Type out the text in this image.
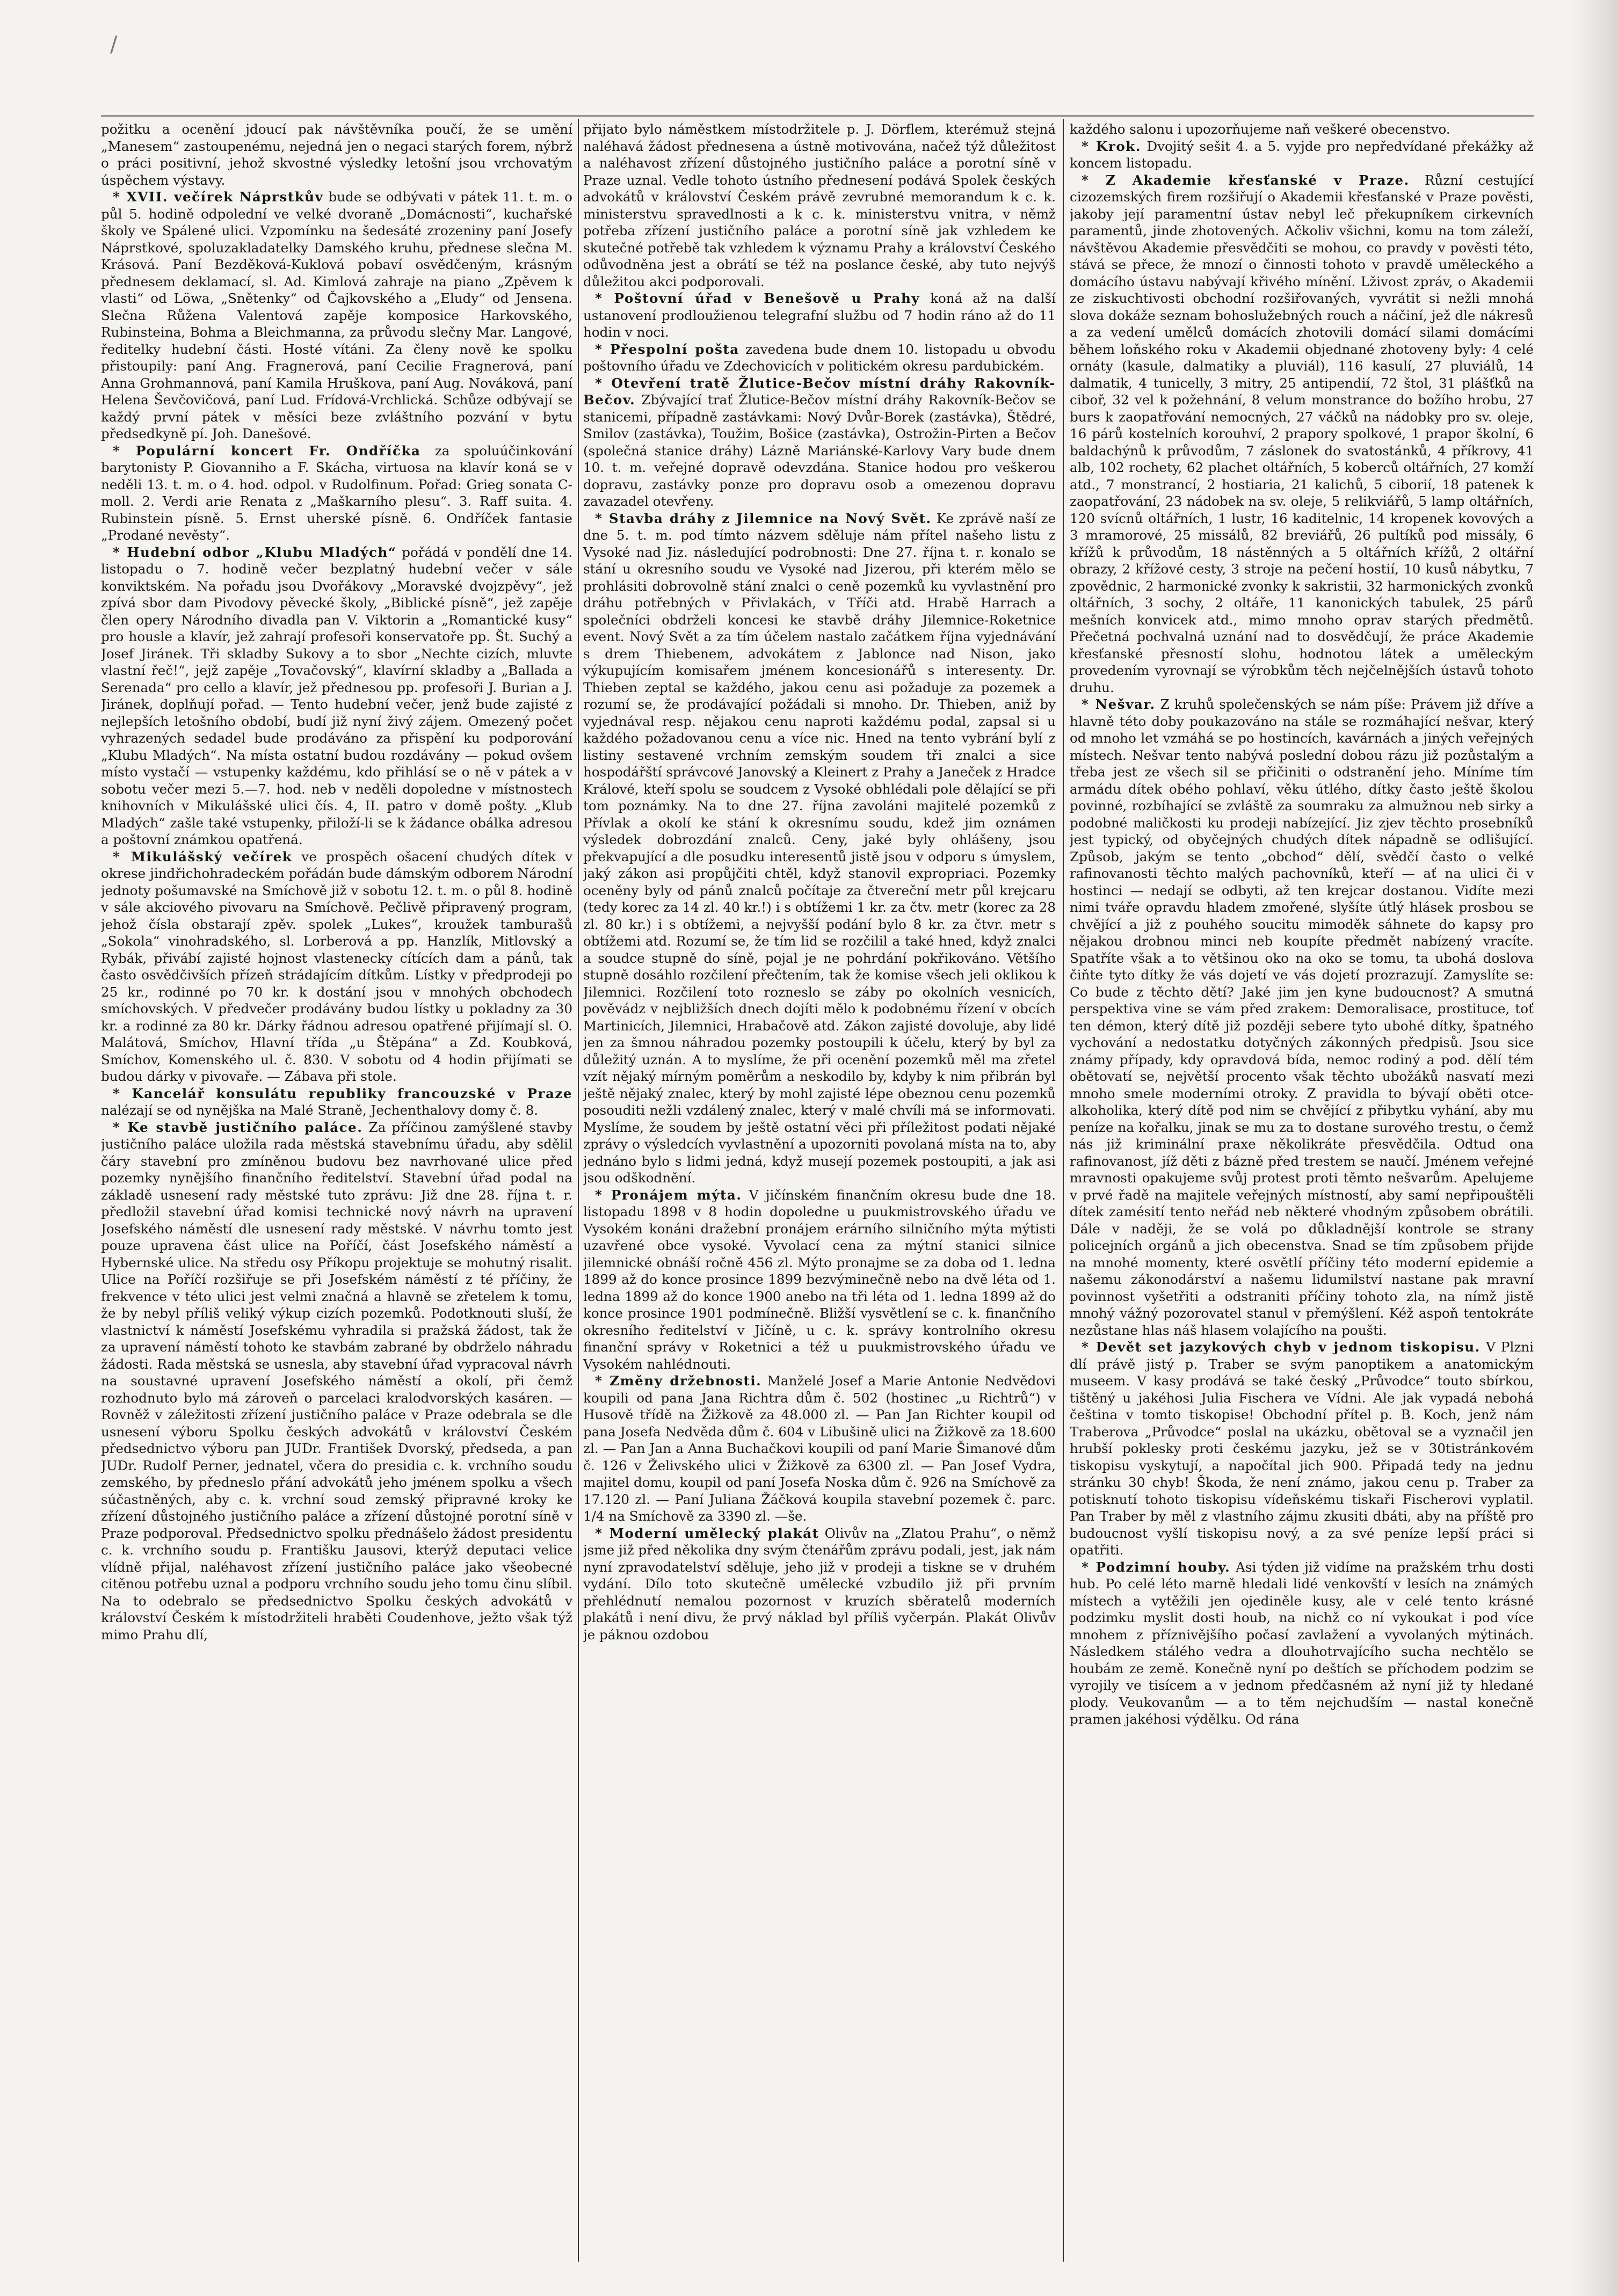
/

požitku a ocenění jdoucí pak návštěvníka poučí, že se umění „Manesem“ zastoupenému, nejedná jen o negaci starých forem, nýbrž o práci positivní, jehož skvostné výsledky letošní jsou vrchovatým úspěchem výstavy.

* XVII. večírek Náprstkův bude se odbývati v pátek 11. t. m. o půl 5. hodině odpolední ve velké dvoraně „Domácnosti“, kuchařské školy ve Spálené ulici. Vzpomínku na šedesáté zrozeniny paní Josefy Náprstkové, spoluzakladatelky Damského kruhu, přednese slečna M. Krásová. Paní Bezděková-Kuklová pobaví osvědčeným, krásným přednesem deklamací, sl. Ad. Kimlová zahraje na piano „Zpěvem k vlasti“ od Löwa, „Snětenky“ od Čajkovského a „Eludy“ od Jensena. Slečna Růžena Valentová zapěje komposice Harkovského, Rubinsteina, Bohma a Bleichmanna, za průvodu slečny Mar. Langové, ředitelky hudební části. Hosté vítáni. Za členy nově ke spolku přistoupily: paní Ang. Fragnerová, paní Cecilie Fragnerová, paní Anna Grohmannová, paní Kamila Hruškova, paní Aug. Nováková, paní Helena Ševčovičová, paní Lud. Frídová-Vrchlická. Schůze odbývají se každý první pátek v měsíci beze zvláštního pozvání v bytu předsedkyně pí. Joh. Danešové.

* Populární koncert Fr. Ondříčka za spoluúčinkování barytonisty P. Giovanniho a F. Skácha, virtuosa na klavír koná se v neděli 13. t. m. o 4. hod. odpol. v Rudolfinum. Pořad: Grieg sonata C-moll. 2. Verdi arie Renata z „Maškarního plesu“. 3. Raff suita. 4. Rubinstein písně. 5. Ernst uherské písně. 6. Ondříček fantasie „Prodané nevěsty“.

* Hudební odbor „Klubu Mladých“ pořádá v pondělí dne 14. listopadu o 7. hodině večer bezplatný hudební večer v sále konviktském. Na pořadu jsou Dvořákovy „Moravské dvojzpěvy“, jež zpívá sbor dam Pivodovy pěvecké školy, „Biblické písně“, jež zapěje člen opery Národního divadla pan V. Viktorin a „Romantické kusy“ pro housle a klavír, jež zahrají profesoři konservatoře pp. Št. Suchý a Josef Jiránek. Tři skladby Sukovy a to sbor „Nechte cizích, mluvte vlastní řeč!“, jejž zapěje „Tovačovský“, klavírní skladby a „Ballada a Serenada“ pro cello a klavír, jež přednesou pp. profesoři J. Burian a J. Jiránek, doplňují pořad. — Tento hudební večer, jenž bude zajisté z nejlepších letošního období, budí již nyní živý zájem. Omezený počet vyhrazených sedadel bude prodáváno za přispění ku podporování „Klubu Mladých“. Na místa ostatní budou rozdávány — pokud ovšem místo vystačí — vstupenky každému, kdo přihlásí se o ně v pátek a v sobotu večer mezi 5.—7. hod. neb v neděli dopoledne v místnostech knihovních v Mikulášské ulici čís. 4, II. patro v domě pošty. „Klub Mladých“ zašle také vstupenky, přiloží-li se k žádance obálka adresou a poštovní známkou opatřená.

* Mikulášský večírek ve prospěch ošacení chudých dítek v okrese jindřichohradeckém pořádán bude dámským odborem Národní jednoty pošumavské na Smíchově již v sobotu 12. t. m. o půl 8. hodině v sále akciového pivovaru na Smíchově. Pečlivě připravený program, jehož čísla obstarají zpěv. spolek „Lukes“, kroužek tamburašů „Sokola“ vinohradského, sl. Lorberová a pp. Hanzlík, Mitlovský a Rybák, přivábí zajisté hojnost vlastenecky cítících dam a pánů, tak často osvědčivších přízeň strádajícím dítkům. Lístky v předprodeji po 25 kr., rodinné po 70 kr. k dostání jsou v mnohých obchodech smíchovských. V předvečer prodávány budou lístky u pokladny za 30 kr. a rodinné za 80 kr. Dárky řádnou adresou opatřené přijímají sl. O. Malátová, Smíchov, Hlavní třída „u Štěpána“ a Zd. Koubková, Smíchov, Komenského ul. č. 830. V sobotu od 4 hodin přijímati se budou dárky v pivovaře. — Zábava při stole.

* Kancelář konsulátu republiky francouzské v Praze nalézají se od nynějška na Malé Straně, Jechenthalovy domy č. 8.

* Ke stavbě justičního paláce. Za příčinou zamýšlené stavby justičního paláce uložila rada městská stavebnímu úřadu, aby sdělil čáry stavební pro zmíněnou budovu bez navrhované ulice před pozemky nynějšího finančního ředitelství. Stavební úřad podal na základě usnesení rady městské tuto zprávu: Již dne 28. října t. r. předložil stavební úřad komisi technické nový návrh na upravení Josefského náměstí dle usnesení rady městské. V návrhu tomto jest pouze upravena část ulice na Poříčí, část Josefského náměstí a Hybernské ulice. Na středu osy Příkopu projektuje se mohutný risalit. Ulice na Poříčí rozšiřuje se při Josefském náměstí z té příčiny, že frekvence v této ulici jest velmi značná a hlavně se zřetelem k tomu, že by nebyl příliš veliký výkup cizích pozemků. Podotknouti sluší, že vlastnictví k náměstí Josefskému vyhradila si pražská žádost, tak že za upravení náměstí tohoto ke stavbám zabrané by obdrželo náhradu žádosti. Rada městská se usnesla, aby stavební úřad vypracoval návrh na soustavné upravení Josefského náměstí a okolí, při čemž rozhodnuto bylo má zároveň o parcelaci kralodvorských kasáren. — Rovněž v záležitosti zřízení justičního paláce v Praze odebrala se dle usnesení výboru Spolku českých advokátů v království Českém předsednictvo výboru pan JUDr. František Dvorský, předseda, a pan JUDr. Rudolf Perner, jednatel, včera do presidia c. k. vrchního soudu zemského, by předneslo přání advokátů jeho jménem spolku a všech súčastněných, aby c. k. vrchní soud zemský připravné kroky ke zřízení důstojného justičního paláce a zřízení důstojné porotní síně v Praze podporoval. Předsednictvo spolku přednášelo žádost presidentu c. k. vrchního soudu p. Františku Jausovi, kterýž deputaci velice vlídně přijal, naléhavost zřízení justičního paláce jako všeobecné citěnou potřebu uznal a podporu vrchního soudu jeho tomu činu slíbil. Na to odebralo se předsednictvo Spolku českých advokátů v království Českém k místodržiteli hraběti Coudenhove, ježto však týž mimo Prahu dlí,

přijato bylo náměstkem místodržitele p. J. Dörflem, kterémuž stejná naléhavá žádost přednesena a ústně motivována, načež týž důležitost a naléhavost zřízení důstojného justičního paláce a porotní síně v Praze uznal. Vedle tohoto ústního přednesení podává Spolek českých advokátů v království Českém právě zevrubné memorandum k c. k. ministerstvu spravedlnosti a k c. k. ministerstvu vnitra, v němž potřeba zřízení justičního paláce a porotní síně jak vzhledem ke skutečné potřebě tak vzhledem k významu Prahy a království Českého odůvodněna jest a obrátí se též na poslance české, aby tuto nejvýš důležitou akci podporovali.

* Poštovní úřad v Benešově u Prahy koná až na další ustanovení prodloužienou telegrafní službu od 7 hodin ráno až do 11 hodin v noci.

* Přespolní pošta zavedena bude dnem 10. listopadu u obvodu poštovního úřadu ve Zdechovicích v politickém okresu pardubickém.

* Otevření tratě Žlutice-Bečov místní dráhy Rakovník-Bečov. Zbývající trať Žlutice-Bečov místní dráhy Rakovník-Bečov se stanicemi, případně zastávkami: Nový Dvůr-Borek (zastávka), Štědré, Smilov (zastávka), Toužim, Bošice (zastávka), Ostrožin-Pirten a Bečov (společná stanice dráhy) Lázně Mariánské-Karlovy Vary bude dnem 10. t. m. veřejné dopravě odevzdána. Stanice hodou pro veškerou dopravu, zastávky ponze pro dopravu osob a omezenou dopravu zavazadel otevřeny.

* Stavba dráhy z Jilemnice na Nový Svět. Ke zprávě naší ze dne 5. t. m. pod tímto názvem sděluje nám přítel našeho listu z Vysoké nad Jiz. následující podrobnosti: Dne 27. října t. r. konalo se stání u okresního soudu ve Vysoké nad Jizerou, při kterém mělo se prohlásiti dobrovolně stání znalci o ceně pozemků ku vyvlastnění pro dráhu potřebných v Přivlakách, v Tříči atd. Hrabě Harrach a společníci obdrželi koncesi ke stavbě dráhy Jilemnice-Roketnice event. Nový Svět a za tím účelem nastalo začátkem října vyjednávání s drem Thiebenem, advokátem z Jablonce nad Nison, jako výkupujícím komisařem jménem koncesionářů s interesenty. Dr. Thieben zeptal se každého, jakou cenu asi požaduje za pozemek a rozumí se, že prodávající požádali si mnoho. Dr. Thieben, aniž by vyjednával resp. nějakou cenu naproti každému podal, zapsal si u každého požadovanou cenu a více nic. Hned na tento vybrání bylí z listiny sestavené vrchním zemským soudem tři znalci a sice hospodářští správcové Janovský a Kleinert z Prahy a Janeček z Hradce Králové, kteří spolu se soudcem z Vysoké obhlédali pole dělající se při tom poznámky. Na to dne 27. října zavoláni majitelé pozemků z Přívlak a okolí ke stání k okresnímu soudu, kdež jim oznámen výsledek dobrozdání znalců. Ceny, jaké byly ohlášeny, jsou překvapující a dle posudku interesentů jistě jsou v odporu s úmyslem, jaký zákon asi propůjčiti chtěl, když stanovil expropriaci. Pozemky oceněny byly od pánů znalců počítaje za čtvereční metr půl krejcaru (tedy korec za 14 zl. 40 kr.!) i s obtížemi 1 kr. za čtv. metr (korec za 28 zl. 80 kr.) i s obtížemi, a nejvyšší podání bylo 8 kr. za čtvr. metr s obtížemi atd. Rozumí se, že tím lid se rozčilil a také hned, když znalci a soudce stupně do síně, pojal je ne pohrdání pokřikováno. Většího stupně dosáhlo rozčilení přečtením, tak že komise všech jeli oklikou k Jilemnici. Rozčilení toto rozneslo se záby po okolních vesnicích, pověvádz v nejbližších dnech dojíti mělo k podobnému řízení v obcích Martinicích, Jilemnici, Hrabačově atd. Zákon zajisté dovoluje, aby lidé jen za šmnou náhradou pozemky postoupili k účelu, který by byl za důležitý uznán. A to myslíme, že při ocenění pozemků měl ma zřetel vzít nějaký mírným poměrům a neskodilo by, kdyby k nim přibrán byl ještě nějaký znalec, který by mohl zajisté lépe obeznou cenu pozemků posouditi nežli vzdálený znalec, který v malé chvíli má se informovati. Myslíme, že soudem by ještě ostatní věci při příležitost podati nějaké zprávy o výsledcích vyvlastnění a upozorniti povolaná místa na to, aby jednáno bylo s lidmi jedná, když musejí pozemek postoupiti, a jak asi jsou odškodnění.

* Pronájem mýta. V jičínském finančním okresu bude dne 18. listopadu 1898 v 8 hodin dopoledne u puukmistrovského úřadu ve Vysokém konáni dražební pronájem erárního silničního mýta mýtisti uzavřené obce vysoké. Vyvolací cena za mýtní stanici silnice jilemnické obnáší ročně 456 zl. Mýto pronajme se za doba od 1. ledna 1899 až do konce prosince 1899 bezvýminečně nebo na dvě léta od 1. ledna 1899 až do konce 1900 anebo na tři léta od 1. ledna 1899 až do konce prosince 1901 podmínečně. Bližší vysvětlení se c. k. finančního okresního ředitelství v Jičíně, u c. k. správy kontrolního okresu finanční správy v Roketnici a též u puukmistrovského úřadu ve Vysokém nahlédnouti.

* Změny držebnosti. Manželé Josef a Marie Antonie Nedvědovi koupili od pana Jana Richtra dům č. 502 (hostinec „u Richtrů“) v Husově třídě na Žižkově za 48.000 zl. — Pan Jan Richter koupil od pana Josefa Nedvěda dům č. 604 v Libušině ulici na Žižkově za 18.600 zl. — Pan Jan a Anna Buchačkovi koupili od paní Marie Šimanové dům č. 126 v Želivského ulici v Žižkově za 6300 zl. — Pan Josef Vydra, majitel domu, koupil od paní Josefa Noska dům č. 926 na Smíchově za 17.120 zl. — Paní Juliana Žáčková koupila stavební pozemek č. parc. 1/4 na Smíchově za 3390 zl. —še.

* Moderní umělecký plakát Olivův na „Zlatou Prahu“, o němž jsme již před několika dny svým čtenářům zprávu podali, jest, jak nám nyní zpravodatelství sděluje, jeho již v prodeji a tiskne se v druhém vydání. Dílo toto skutečně umělecké vzbudilo již při prvním přehlédnutí nemalou pozornost v kruzích sběratelů moderních plakátů i není divu, že prvý náklad byl příliš vyčerpán. Plakát Olivův je páknou ozdobou

každého salonu i upozorňujeme naň veškeré obecenstvo.

* Krok. Dvojitý sešit 4. a 5. vyjde pro nepředvídané překážky až koncem listopadu.

* Z Akademie křesťanské v Praze. Různí cestující cizozemských firem rozšiřují o Akademii křesťanské v Praze pověsti, jakoby její paramentní ústav nebyl leč překupníkem cirkevních paramentů, jinde zhotovených. Ačkoliv všichni, komu na tom záleží, návštěvou Akademie přesvědčiti se mohou, co pravdy v pověsti této, stává se přece, že mnozí o činnosti tohoto v pravdě uměleckého a domácího ústavu nabývají křivého mínění. Lživost zpráv, o Akademii ze ziskuchtivosti obchodní rozšiřovaných, vyvrátit si nežli mnohá slova dokáže seznam bohoslužebných rouch a náčiní, jež dle nákresů a za vedení umělců domácích zhotovili domácí silami domácími během loňského roku v Akademii objednané zhotoveny byly: 4 celé ornáty (kasule, dalmatiky a pluviál), 116 kasulí, 27 pluviálů, 14 dalmatik, 4 tunicelly, 3 mitry, 25 antipendií, 72 štol, 31 plášťků na ciboř, 32 vel k požehnání, 8 velum monstrance do božího hrobu, 27 burs k zaopatřování nemocných, 27 váčků na nádobky pro sv. oleje, 16 párů kostelních korouhví, 2 prapory spolkové, 1 prapor školní, 6 baldachýnů k průvodům, 7 záslonek do svatostánků, 4 příkrovy, 41 alb, 102 rochety, 62 plachet oltářních, 5 koberců oltářních, 27 komží atd., 7 monstrancí, 2 hostiaria, 21 kalichů, 5 ciborií, 18 patenek k zaopatřování, 23 nádobek na sv. oleje, 5 relikviářů, 5 lamp oltářních, 120 svícnů oltářních, 1 lustr, 16 kaditelnic, 14 kropenek kovových a 3 mramorové, 25 missálů, 82 breviářů, 26 pultíků pod missály, 6 křížů k průvodům, 18 nástěnných a 5 oltářních křížů, 2 oltářní obrazy, 2 křížové cesty, 3 stroje na pečení hostií, 10 kusů nábytku, 7 zpovědnic, 2 harmonické zvonky k sakristii, 32 harmonických zvonků oltářních, 3 sochy, 2 oltáře, 11 kanonických tabulek, 25 párů mešních konvicek atd., mimo mnoho oprav starých předmětů. Přečetná pochvalná uznání nad to dosvědčují, že práce Akademie křesťanské přesností slohu, hodnotou látek a uměleckým provedením vyrovnají se výrobkům těch nejčelnějších ústavů tohoto druhu.

* Nešvar. Z kruhů společenských se nám píše: Právem již dříve a hlavně této doby poukazováno na stále se rozmáhající nešvar, který od mnoho let vzmáhá se po hostincích, kavárnách a jiných veřejných místech. Nešvar tento nabývá poslední dobou rázu již pozůstalým a třeba jest ze všech sil se přičiniti o odstranění jeho. Míníme tím armádu dítek obého pohlaví, věku útlého, dítky často ještě školou povinné, rozbíhající se zvláště za soumraku za almužnou neb sirky a podobné maličkosti ku prodeji nabízející. Jiz zjev těchto prosebníků jest typický, od obyčejných chudých dítek nápadně se odlišující. Způsob, jakým se tento „obchod“ dělí, svědčí často o velké rafinovanosti těchto malých pachovníků, kteří — ať na ulici či v hostinci — nedají se odbyti, až ten krejcar dostanou. Vidíte mezi nimi tváře opravdu hladem zmořené, slyšíte útlý hlásek prosbou se chvějící a již z pouhého soucitu mimoděk sáhnete do kapsy pro nějakou drobnou minci neb koupíte předmět nabízený vracíte. Spatříte však a to většinou oko na oko se tomu, ta ubohá doslova čiňte tyto dítky že vás dojetí ve vás dojetí prozrazují. Zamyslíte se: Co bude z těchto dětí? Jaké jim jen kyne budoucnost? A smutná perspektiva vine se vám před zrakem: Demoralisace, prostituce, toť ten démon, který dítě již později sebere tyto ubohé dítky, špatného vychování a nedostatku dotyčných zákonných předpisů. Jsou sice známy případy, kdy opravdová bída, nemoc rodiný a pod. dělí tém obětovatí se, největší procento však těchto ubožáků nasvatí mezi mnoho smele moderními otroky. Z pravidla to bývají oběti otce-alkoholika, který dítě pod nim se chvějící z přibytku vyhání, aby mu peníze na kořalku, jinak se mu za to dostane surového trestu, o čemž nás již kriminální praxe několikráte přesvědčila. Odtud ona rafinovanost, jíž děti z bázně před trestem se naučí. Jménem veřejné mravnosti opakujeme svůj protest proti těmto nešvarům. Apelujeme v prvé řadě na majitele veřejných místností, aby samí nepřipouštěli dítek zamésití tento neřád neb některé vhodným způsobem obrátili. Dále v naději, že se volá po důkladnější kontrole se strany policejních orgánů a jich obecenstva. Snad se tím způsobem přijde na mnohé momenty, které osvětlí příčiny této moderní epidemie a našemu zákonodárství a našemu lidumilství nastane pak mravní povinnost vyšetřiti a odstraniti příčiny tohoto zla, na nímž jistě mnohý vážný pozorovatel stanul v přemýšlení. Kéž aspoň tentokráte nezůstane hlas náš hlasem volajícího na poušti.

* Devět set jazykových chyb v jednom tiskopisu. V Plzni dlí právě jistý p. Traber se svým panoptikem a anatomickým museem. V kasy prodává se také český „Průvodce“ touto sbírkou, tištěný u jakéhosi Julia Fischera ve Vídni. Ale jak vypadá nebohá čeština v tomto tiskopise! Obchodní přítel p. B. Koch, jenž nám Traberova „Průvodce“ poslal na ukázku, obětoval se a vyznačil jen hrubší poklesky proti českému jazyku, jež se v 30tistránkovém tiskopisu vyskytují, a napočítal jich 900. Připadá tedy na jednu stránku 30 chyb! Škoda, že není známo, jakou cenu p. Traber za potisknutí tohoto tiskopisu vídeňskému tiskaři Fischerovi vyplatil. Pan Traber by měl z vlastního zájmu zkusiti dbáti, aby na příště pro budoucnost vyšlí tiskopisu nový, a za své peníze lepší práci si opatřiti.

* Podzimní houby. Asi týden již vidíme na pražském trhu dosti hub. Po celé léto marně hledali lidé venkovští v lesích na známých místech a vytěžili jen ojediněle kusy, ale v celé tento krásné podzimku myslit dosti houb, na nichž co ní vykoukat i pod více mnohem z příznivějšího počasí zavlažení a vyvolaných mýtinách. Následkem stálého vedra a dlouhotrvajícího sucha nechtělo se houbám ze země. Konečně nyní po deštích se příchodem podzim se vyrojily ve tisícem a v jednom předčasném až nyní již ty hledané plody. Veukovanům — a to těm nejchudším — nastal konečně pramen jakéhosi výdělku. Od rána
